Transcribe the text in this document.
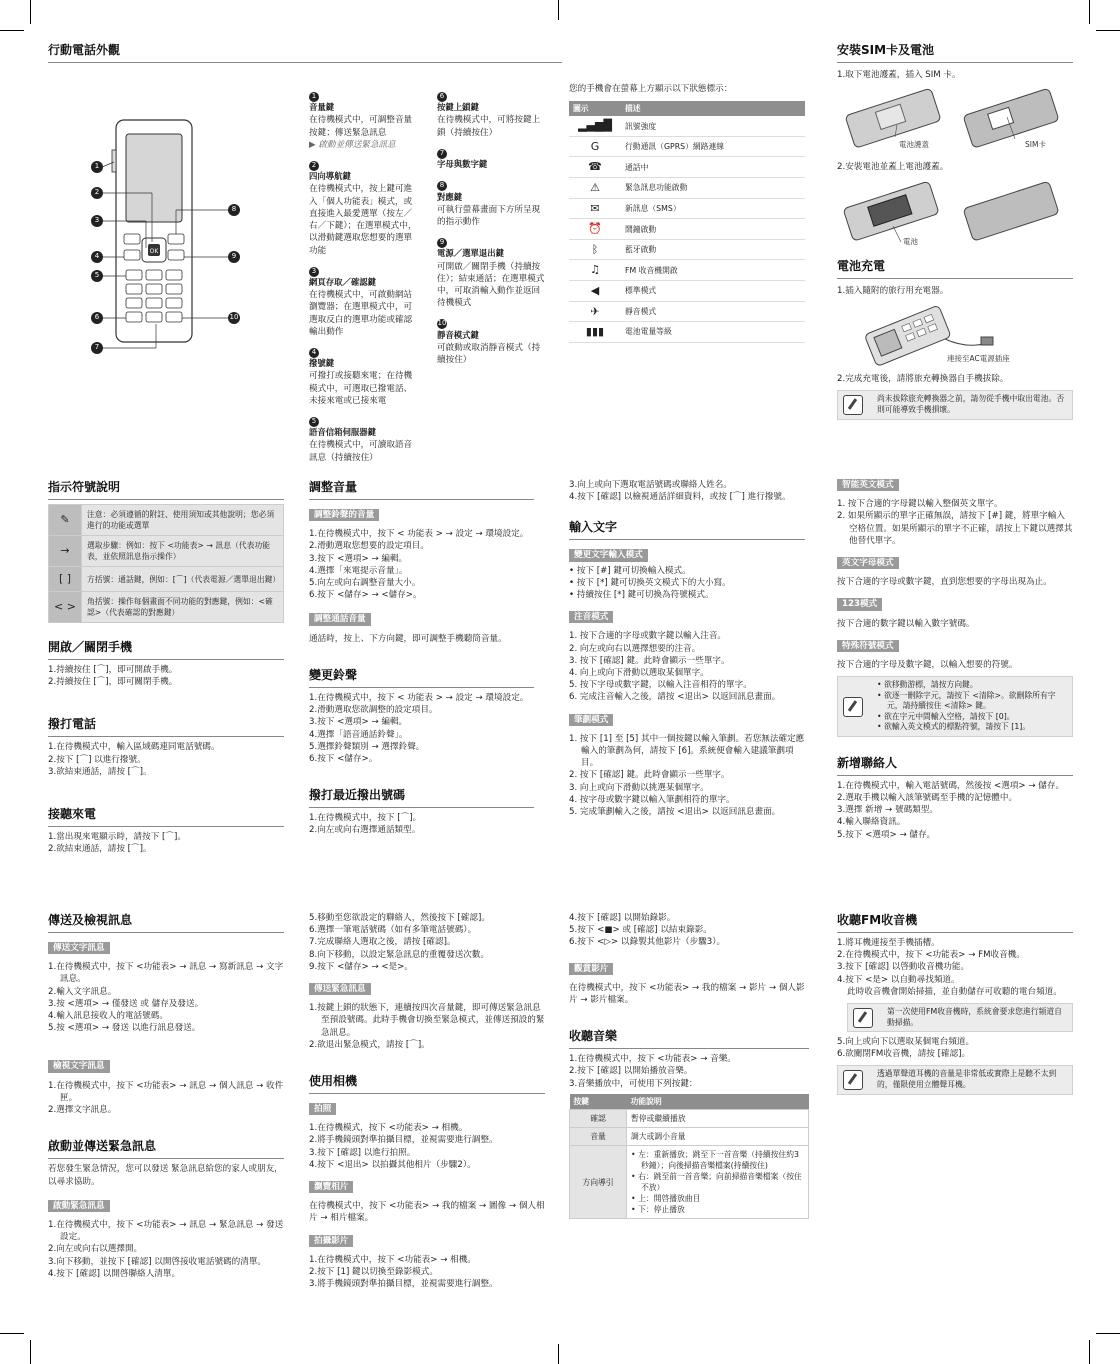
行動電話外觀
OK
1
2
3
4
5
6
7
8
9
10
1
音量鍵
在待機模式中，可調整音量按鍵；傳送緊急訊息
▶ 啟動並傳送緊急訊息
2
四向導航鍵
在待機模式中，按上鍵可進入「個人功能表」模式，或直接進入最愛選單（按左／右／下鍵）；在選單模式中，以滑動鍵選取您想要的選單功能
3
網頁存取／確認鍵
在待機模式中，可啟動網站瀏覽器；在選單模式中，可選取反白的選單功能或確認輸出動作
4
撥號鍵
可撥打或接聽來電；在待機模式中，可選取已撥電話、未接來電或已接來電
5
語音信箱伺服器鍵
在待機模式中，可讀取語音訊息（持續按住）
6
按鍵上鎖鍵
在待機模式中，可將按鍵上鎖（持續按住）
7
字母與數字鍵
8
對應鍵
可執行螢幕畫面下方所呈現的指示動作
9
電源／選單退出鍵
可開啟／關閉手機（持續按住）；結束通話；在選單模式中，可取消輸入動作並返回待機模式
10
靜音模式鍵
可啟動或取消靜音模式（持續按住）
您的手機會在螢幕上方顯示以下狀態標示：
圖示	描述
▂▄▆█	訊號強度
G	行動通訊（GPRS）網路連線
☎	通話中
⚠	緊急訊息功能啟動
✉	新訊息（SMS）
⏰	鬧鐘啟動
ᛒ	藍牙啟動
♫	FM 收音機開啟
◀	標準模式
✈	靜音模式
▮▮▮	電池電量等級
安裝SIM卡及電池
1.取下電池護蓋，插入 SIM 卡。
電池護蓋	SIM卡
2.安裝電池並蓋上電池護蓋。
電池
電池充電
1.插入隨附的旅行用充電器。
連接至AC電源插座
2.完成充電後，請將旅充轉換器自手機拔除。
尚未拔除旅充轉換器之前，請勿從手機中取出電池。否則可能導致手機損壞。
指示符號說明
✎	注意：必須遵循的附註、使用須知或其他說明；您必須進行的功能或選單
→	選取步驟：例如：按下 <功能表> → 訊息（代表功能表，並依照訊息指示操作）
[ ]	方括號：通話鍵，例如：[⌒]（代表電源／選單退出鍵）
< >	角括號：操作每個畫面不同功能的對應鍵，例如：<確認>（代表確認的對應鍵）
開啟／關閉手機
1.持續按住 [⌒]，即可開啟手機。
2.持續按住 [⌒]，即可關閉手機。
撥打電話
1.在待機模式中，輸入區域碼連同電話號碼。
2.按下 [⌒] 以進行撥號。
3.欲結束通話，請按 [⌒]。
接聽來電
1.當出現來電顯示時，請按下 [⌒]。
2.欲結束通話，請按 [⌒]。
調整音量
調整鈴聲的音量
1.在待機模式中，按下 < 功能表 > → 設定 → 環境設定。
2.滑動選取您想要的設定項目。
3.按下 <選項> → 編輯。
4.選擇「來電提示音量」。
5.向左或向右調整音量大小。
6.按下 <儲存> → <儲存>。
調整通話音量

通話時，按上、下方向鍵，即可調整手機聽筒音量。

變更鈴聲
1.在待機模式中，按下 < 功能表 > → 設定 → 環境設定。
2.滑動選取您欲調整的設定項目。
3.按下 <選項> → 編輯。
4.選擇「語音通話鈴聲」。
5.選擇鈴聲類別 → 選擇鈴聲。
6.按下 <儲存>。
撥打最近撥出號碼
1.在待機模式中，按下 [⌒]。
2.向左或向右選擇通話類型。
3.向上或向下選取電話號碼或聯絡人姓名。
4.按下 [確認] 以檢視通話詳細資料，或按 [⌒] 進行撥號。
輸入文字
變更文字輸入模式
• 按下 [#] 鍵可切換輸入模式。
• 按下 [*] 鍵可切換英文模式下的大小寫。
• 持續按住 [*] 鍵可切換為符號模式。
注音模式
1. 按下合適的字母或數字鍵以輸入注音。
2. 向左或向右以選擇想要的注音。
3. 按下 [確認] 鍵。此時會顯示一些單字。
4. 向上或向下滑動以選取某個單字。
5. 按下字母或數字鍵，以輸入注音相符的單字。
6. 完成注音輸入之後，請按 <退出> 以返回訊息畫面。
筆劃模式
1. 按下 [1] 至 [5] 其中一個按鍵以輸入筆劃。若您無法確定應輸入的筆劃為何，請按下 [6]。系統便會輸入建議筆劃項目。
2. 按下 [確認] 鍵。此時會顯示一些單字。
3. 向上或向下滑動以挑選某個單字。
4. 按字母或數字鍵以輸入筆劃相符的單字。
5. 完成筆劃輸入之後，請按 <退出> 以返回訊息畫面。
智能英文模式
1. 按下合適的字母鍵以輸入整個英文單字。
2. 如果所顯示的單字正確無誤，請按下 [#] 鍵，將單字輸入空格位置。如果所顯示的單字不正確，請按上下鍵以選擇其他替代單字。
英文字母模式

按下合適的字母或數字鍵，直到您想要的字母出現為止。

123模式

按下合適的數字鍵以輸入數字號碼。

特殊符號模式

按下合適的字母及數字鍵，以輸入想要的符號。

• 欲移動游標，請按方向鍵。
• 欲逐一刪除字元，請按下 <清除>。欲刪除所有字元，請持續按住 <清除> 鍵。
• 欲在字元中間輸入空格，請按下 [0]。
• 欲輸入英文模式的標點符號，請按下 [1]。
新增聯絡人
1.在待機模式中，輸入電話號碼，然後按 <選項> → 儲存。
2.選取手機以輸入該筆號碼至手機的記憶體中。
3.選擇 新增 → 號碼類型。
4.輸入聯絡資訊。
5.按下 <選項> → 儲存。
傳送及檢視訊息
傳送文字訊息
1.在待機模式中，按下 <功能表> → 訊息 → 寫新訊息 → 文字訊息。
2.輸入文字訊息。
3.按 <選項> → 僅發送 或 儲存及發送。
4.輸入訊息接收人的電話號碼。
5.按 <選項> → 發送 以進行訊息發送。
檢視文字訊息
1.在待機模式中，按下 <功能表> → 訊息 → 個人訊息 → 收件匣。
2.選擇文字訊息。
啟動並傳送緊急訊息

若您發生緊急情況，您可以發送 緊急訊息給您的家人或朋友，以尋求協助。

啟動緊急訊息
1.在待機模式中，按下 <功能表> → 訊息 → 緊急訊息 → 發送設定。
2.向左或向右以選擇開。
3.向下移動，並按下 [確認] 以開啓接收電話號碼的清單。
4.按下 [確認] 以開啓聯絡人清單。
5.移動至您欲設定的聯絡人，然後按下 [確認]。
6.選擇一筆電話號碼（如有多筆電話號碼）。
7.完成聯絡人選取之後，請按 [確認]。
8.向下移動，以設定緊急訊息的重覆發送次數。
9.按下 <儲存> → <是>。
傳送緊急訊息
1.按鍵上鎖的狀態下，連續按四次音量鍵，即可傳送緊急訊息至預設號碼。此時手機會切換至緊急模式，並傳送預設的緊急訊息。
2.欲退出緊急模式，請按 [⌒]。
使用相機
拍照
1.在待機模式，按下 <功能表> → 相機。
2.將手機鏡頭對準拍攝目標，並視需要進行調整。
3.按下 [確認] 以進行拍照。
4.按下 <退出> 以拍攝其他相片（步驟2）。
瀏覽相片

在待機模式中，按下 <功能表> → 我的檔案 → 圖像 → 個人相片 → 相片檔案。

拍攝影片
1.在待機模式中，按下 <功能表> → 相機。
2.按下 [1] 鍵以切換至錄影模式。
3.將手機鏡頭對準拍攝目標，並視需要進行調整。
4.按下 [確認] 以開始錄影。
5.按下 <■> 或 [確認] 以結束錄影。
6.按下 <▷> 以錄製其他影片（步驟3）。
觀賞影片

在待機模式中，按下 <功能表> → 我的檔案 → 影片 → 個人影片 → 影片檔案。

收聽音樂
1.在待機模式中，按下 <功能表> → 音樂。
2.按下 [確認] 以開始播放音樂。
3.音樂播放中，可使用下列按鍵：
按鍵	功能說明
確認	暫停或繼續播放
音量	調大或調小音量
方向導引	• 左：重新播放；跳至下一首音樂（持續按住約3秒鐘）；向後掃描音樂檔案(持續按住)
• 右：跳至前一首音樂；向前掃描音樂檔案（按住不放）
• 上：開啓播放曲目
• 下：停止播放
收聽FM收音機
1.將耳機連接至手機插槽。
2.在待機模式中，按下 <功能表> → FM收音機。
3.按下 [確認] 以啓動收音機功能。
4.按下 <是> 以自動尋找頻道。

此時收音機會開始掃描，並自動儲存可收聽的電台頻道。

第一次使用FM收音機時，系統會要求您進行頻道自動掃描。
5.向上或向下以選取某個電台頻道。
6.欲關閉FM收音機，請按 [確認]。
透過單聲道耳機的音量是非常低或實際上是聽不太到的，僅限使用立體聲耳機。
